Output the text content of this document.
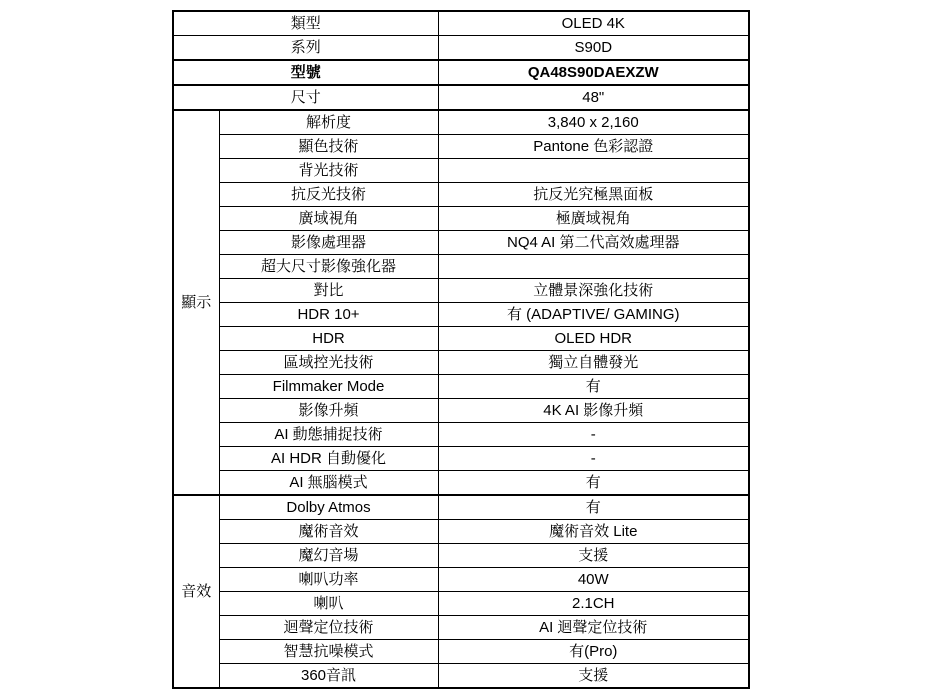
類型		OLED 4K
系列		S90D
型號		QA48S90DAEXZW
尺寸		48"
顯示	解析度	3,840 x 2,160
	顯色技術	Pantone 色彩認證
	背光技術	
	抗反光技術	抗反光究極黑面板
	廣域視角	極廣域視角
	影像處理器	NQ4 AI 第二代高效處理器
	超大尺寸影像強化器	
	對比	立體景深強化技術
	HDR 10+	有 (ADAPTIVE/ GAMING)
	HDR	OLED HDR
	區域控光技術	獨立自體發光
	Filmmaker Mode	有
	影像升頻	4K AI 影像升頻
	AI 動態捕捉技術	-
	AI HDR 自動優化	-
	AI 無腦模式	有
音效	Dolby Atmos	有
	魔術音效	魔術音效 Lite
	魔幻音場	支援
	喇叭功率	40W
	喇叭	2.1CH
	迴聲定位技術	AI 迴聲定位技術
	智慧抗噪模式	有(Pro)
	360音訊	支援
